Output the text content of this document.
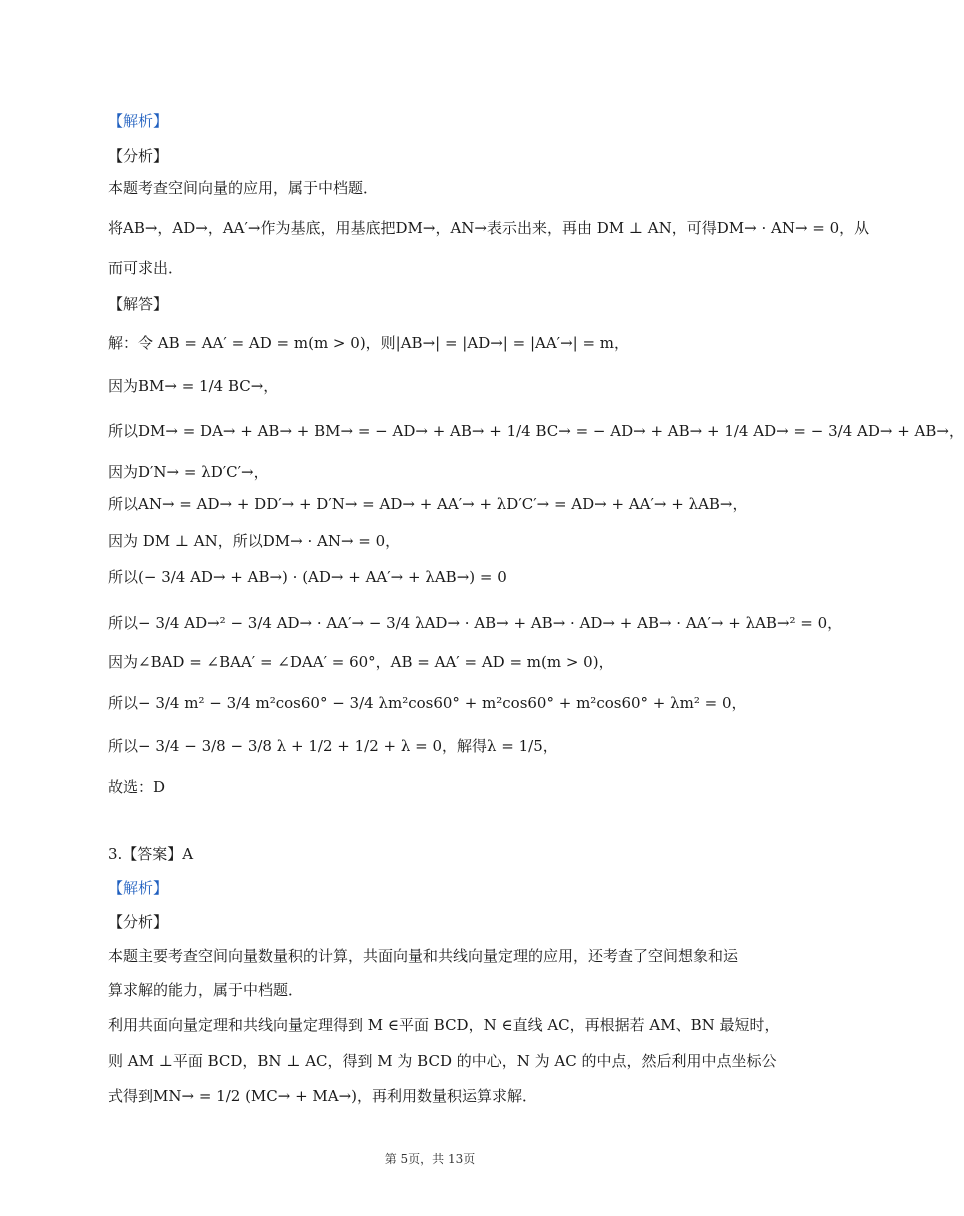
【解析】
【分析】
本题考查空间向量的应用，属于中档题．
将AB→，AD→，AA′→作为基底，用基底把DM→，AN→表示出来，再由 DM ⊥ AN，可得DM→ · AN→ = 0，从
而可求出．
【解答】
解：令 AB = AA′ = AD = m(m > 0)，则|AB→| = |AD→| = |AA′→| = m，
因为BM→ = 1/4 BC→，
所以DM→ = DA→ + AB→ + BM→ = − AD→ + AB→ + 1/4 BC→ = − AD→ + AB→ + 1/4 AD→ = − 3/4 AD→ + AB→，
因为D′N→ = λD′C′→，
所以AN→ = AD→ + DD′→ + D′N→ = AD→ + AA′→ + λD′C′→ = AD→ + AA′→ + λAB→，
因为 DM ⊥ AN，所以DM→ · AN→ = 0，
所以(− 3/4 AD→ + AB→) · (AD→ + AA′→ + λAB→) = 0
所以− 3/4 AD→² − 3/4 AD→ · AA′→ − 3/4 λAD→ · AB→ + AB→ · AD→ + AB→ · AA′→ + λAB→² = 0，
因为∠BAD = ∠BAA′ = ∠DAA′ = 60°，AB = AA′ = AD = m(m > 0)，
所以− 3/4 m² − 3/4 m²cos60° − 3/4 λm²cos60° + m²cos60° + m²cos60° + λm² = 0，
所以− 3/4 − 3/8 − 3/8 λ + 1/2 + 1/2 + λ = 0，解得λ = 1/5，
故选：D
3.【答案】A
【解析】
【分析】
本题主要考查空间向量数量积的计算，共面向量和共线向量定理的应用，还考查了空间想象和运
算求解的能力，属于中档题．
利用共面向量定理和共线向量定理得到 M ∈平面 BCD，N ∈直线 AC，再根据若 AM、BN 最短时，
则 AM ⊥平面 BCD，BN ⊥ AC，得到 M 为 BCD 的中心，N 为 AC 的中点，然后利用中点坐标公
式得到MN→ = 1/2 (MC→ + MA→)，再利用数量积运算求解．
第 5页，共 13页
